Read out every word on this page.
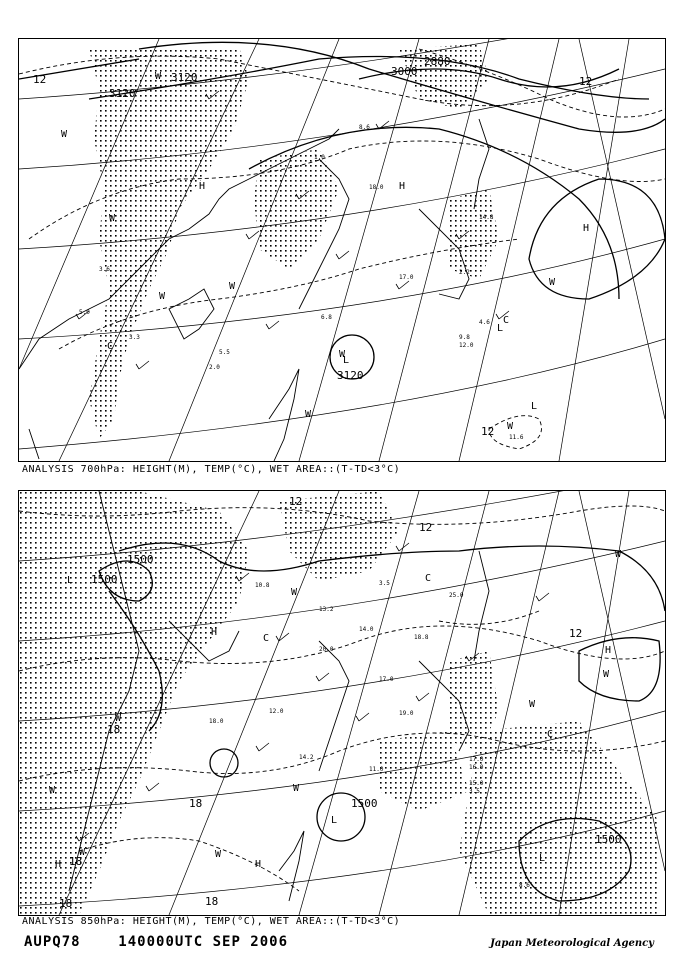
3120
3120
3000
3120
2880
12	12
12
H	H
H
L
L
L
C
W
W
W
W
W
W
W
W
W
C
11.6
14.8
2.2
4.6
9.8
12.0
6.8
3.3
5.5
8.6
1.0
18.0
5.0
3.6
17.0
2.0
ANALYSIS 700hPa: HEIGHT(M), TEMP(°C), WET AREA::(T-TD<3°C)
1500
1500
1500
1500
12
12
18
18
18
18	18
12
L
L
L
H
H
H	H
C
C
C
W
W
W
W
W
W
W
W
W
17.0
16.0
15.0
3.5
13.2
14.0
17.0
11.0
3.5
25.0
12.0
18.8
19.0
18.0
14.2
20.0
10.8
8.6
ANALYSIS 850hPa: HEIGHT(M), TEMP(°C), WET AREA::(T-TD<3°C)
AUPQ78	140000UTC SEP 2006	Japan Meteorological Agency
